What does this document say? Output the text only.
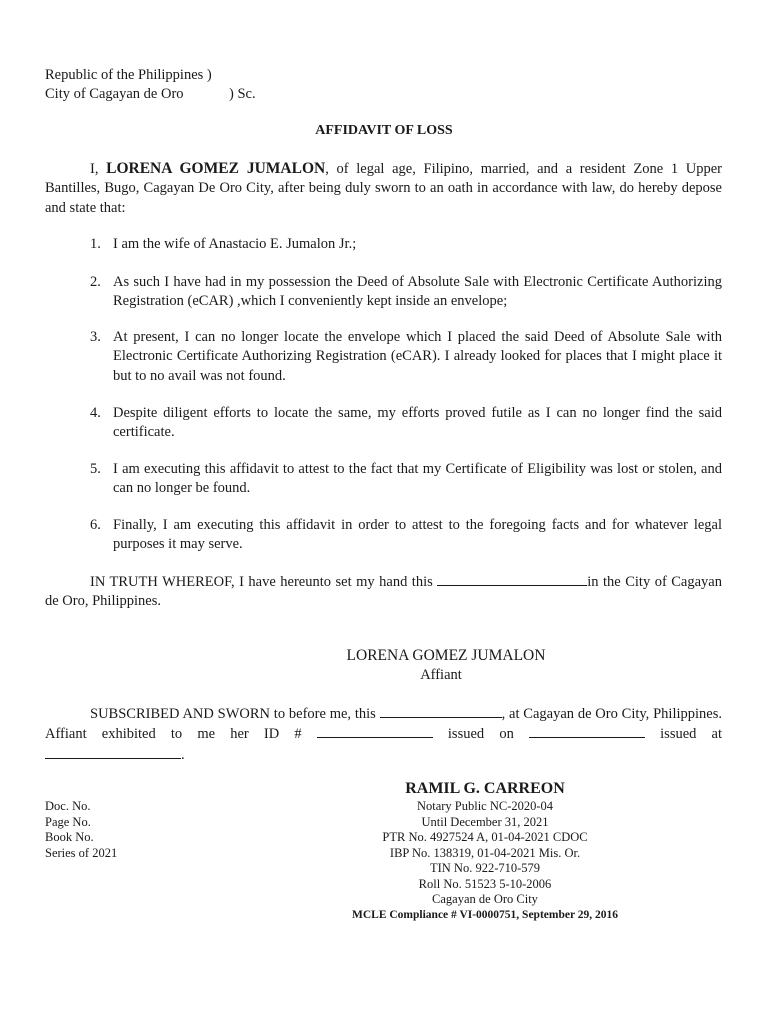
Republic of the Philippines )
City of Cagayan de Oro	) Sc.
AFFIDAVIT OF LOSS
I, LORENA GOMEZ JUMALON, of legal age, Filipino, married, and a resident Zone 1 Upper Bantilles, Bugo, Cagayan De Oro City, after being duly sworn to an oath in accordance with law, do hereby depose and state that:
1. I am the wife of Anastacio E. Jumalon Jr.;
2. As such I have had in my possession the Deed of Absolute Sale with Electronic Certificate Authorizing Registration (eCAR) ,which I conveniently kept inside an envelope;
3. At present, I can no longer locate the envelope which I placed the said Deed of Absolute Sale with Electronic Certificate Authorizing Registration (eCAR). I already looked for places that I might place it but to no avail was not found.
4. Despite diligent efforts to locate the same, my efforts proved futile as I can no longer find the said certificate.
5. I am executing this affidavit to attest to the fact that my Certificate of Eligibility was lost or stolen, and can no longer be found.
6. Finally, I am executing this affidavit in order to attest to the foregoing facts and for whatever legal purposes it may serve.
IN TRUTH WHEREOF, I have hereunto set my hand this	in the City of Cagayan de Oro, Philippines.
LORENA GOMEZ JUMALON
Affiant
SUBSCRIBED AND SWORN to before me, this	, at Cagayan de Oro City, Philippines. Affiant exhibited to me her ID #	issued on	issued at .
RAMIL G. CARREON
Notary Public NC-2020-04
Until December 31, 2021
PTR No. 4927524 A, 01-04-2021 CDOC
IBP No. 138319, 01-04-2021 Mis. Or.
TIN No. 922-710-579
Roll No. 51523 5-10-2006
Cagayan de Oro City
MCLE Compliance # VI-0000751, September 29, 2016
Doc. No.
Page No.
Book No.
Series of 2021
